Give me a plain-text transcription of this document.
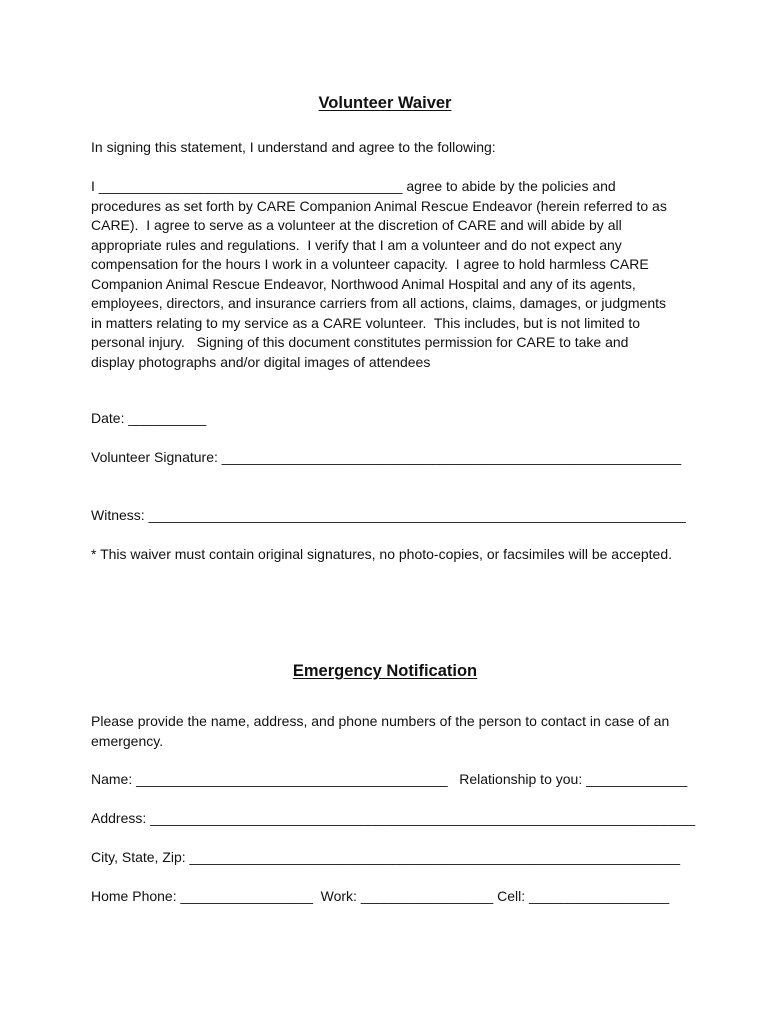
Volunteer Waiver
In signing this statement, I understand and agree to the following:
I _______________________________________ agree to abide by the policies and
procedures as set forth by CARE Companion Animal Rescue Endeavor (herein referred to as
CARE).  I agree to serve as a volunteer at the discretion of CARE and will abide by all
appropriate rules and regulations.  I verify that I am a volunteer and do not expect any
compensation for the hours I work in a volunteer capacity.  I agree to hold harmless CARE
Companion Animal Rescue Endeavor, Northwood Animal Hospital and any of its agents,
employees, directors, and insurance carriers from all actions, claims, damages, or judgments
in matters relating to my service as a CARE volunteer.  This includes, but is not limited to
personal injury.   Signing of this document constitutes permission for CARE to take and
display photographs and/or digital images of attendees
Date: __________
Volunteer Signature: ___________________________________________________________
Witness: _____________________________________________________________________
* This waiver must contain original signatures, no photo-copies, or facsimiles will be accepted.
Emergency Notification
Please provide the name, address, and phone numbers of the person to contact in case of an
emergency.
Name: ________________________________________   Relationship to you: _____________
Address: ______________________________________________________________________
City, State, Zip: _______________________________________________________________
Home Phone: _________________  Work: _________________ Cell: __________________
